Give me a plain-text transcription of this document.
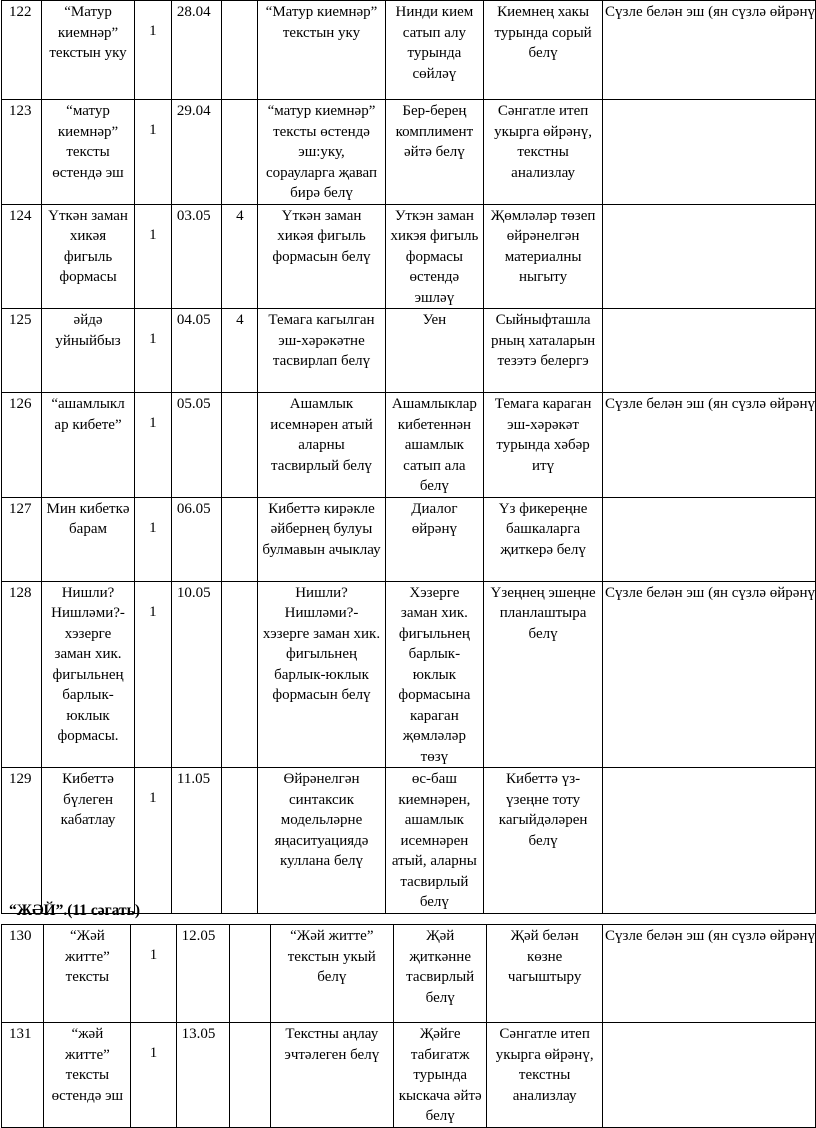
122	“Матур киемнәр” текстын уку	1	28.04		“Матур киемнәр” текстын уку	Нинди кием сатып алу турында сөйләү	Киемнең хакы турында сорый белү	Сүзле белән эш (ян сүзлә өйрәнү
123	“матур киемнәр” тексты өстендә эш	1	29.04		“матур киемнәр” тексты өстендә эш:уку, сорауларга җавап бирә белү	Бер-берең комплимент әйтә белү	Сәнгатле итеп укырга өйрәнү, текстны анализлау	
124	Үткән заман хикәя фигыль формасы	1	03.05	4	Үткән заман хикәя фигыль формасын белү	Уткэн заман хикэя фигыль формасы өстендә эшләү	Җөмләләр төзеп өйрәнелгән материалны ныгыту	
125	әйдә уйныйбыз	1	04.05	4	Темага кагылган эш-хәрәкәтне тасвирлап белү	Уен	Сыйныфташла рның хаталарын тезэтэ белергэ	
126	“ашамлыкл ар кибете”	1	05.05		Ашамлык исемнәрен атый аларны тасвирлый белү	Ашамлыклар кибетеннән ашамлык сатып ала белү	Темага караган эш-хәрәкәт турында хәбәр итү	Сүзле белән эш (ян сүзлә өйрәнү
127	Мин кибеткә барам	1	06.05		Кибеттә кирәкле әйбернең булуы булмавын ачыклау	Диалог өйрәнү	Үз фикереңне башкаларга җиткерә белү	
128	Нишли? Нишләми?- хэзерге заман хик. фигыльнең барлык- юклык формасы.	1	10.05		Нишли? Нишләми?- хэзерге заман хик. фигыльнең барлык-юклык формасын белү	Хэзерге заман хик. фигыльнең барлык- юклык формасына караган җөмләләр төзү	Үзеңнең эшеңне планлаштыра белү	Сүзле белән эш (ян сүзлә өйрәнү
129	Кибеттә бүлеген кабатлау	1	11.05		Өйрәнелгән синтаксик модельләрне яңаситуациядә куллана белү	өс-баш киемнәрен, ашамлык исемнәрен атый, аларны тасвирлый белү	Кибеттә үз- үзеңне тоту кагыйдәләрен белү	
“ЖӘЙ”.(11 сәгать)
130	“Жәй житте” тексты	1	12.05		“Жәй житте” текстын укый белү	Җәй җиткәнне тасвирлый белү	Җәй белән көзне чагыштыру	Сүзле белән эш (ян сүзлә өйрәнү
131	“жәй житте” тексты өстендә эш	1	13.05		Текстны аңлау эчтәлеген белү	Җәйге табигатж турында кыскача әйтә белү	Сәнгатле итеп укырга өйрәнү, текстны анализлау	
